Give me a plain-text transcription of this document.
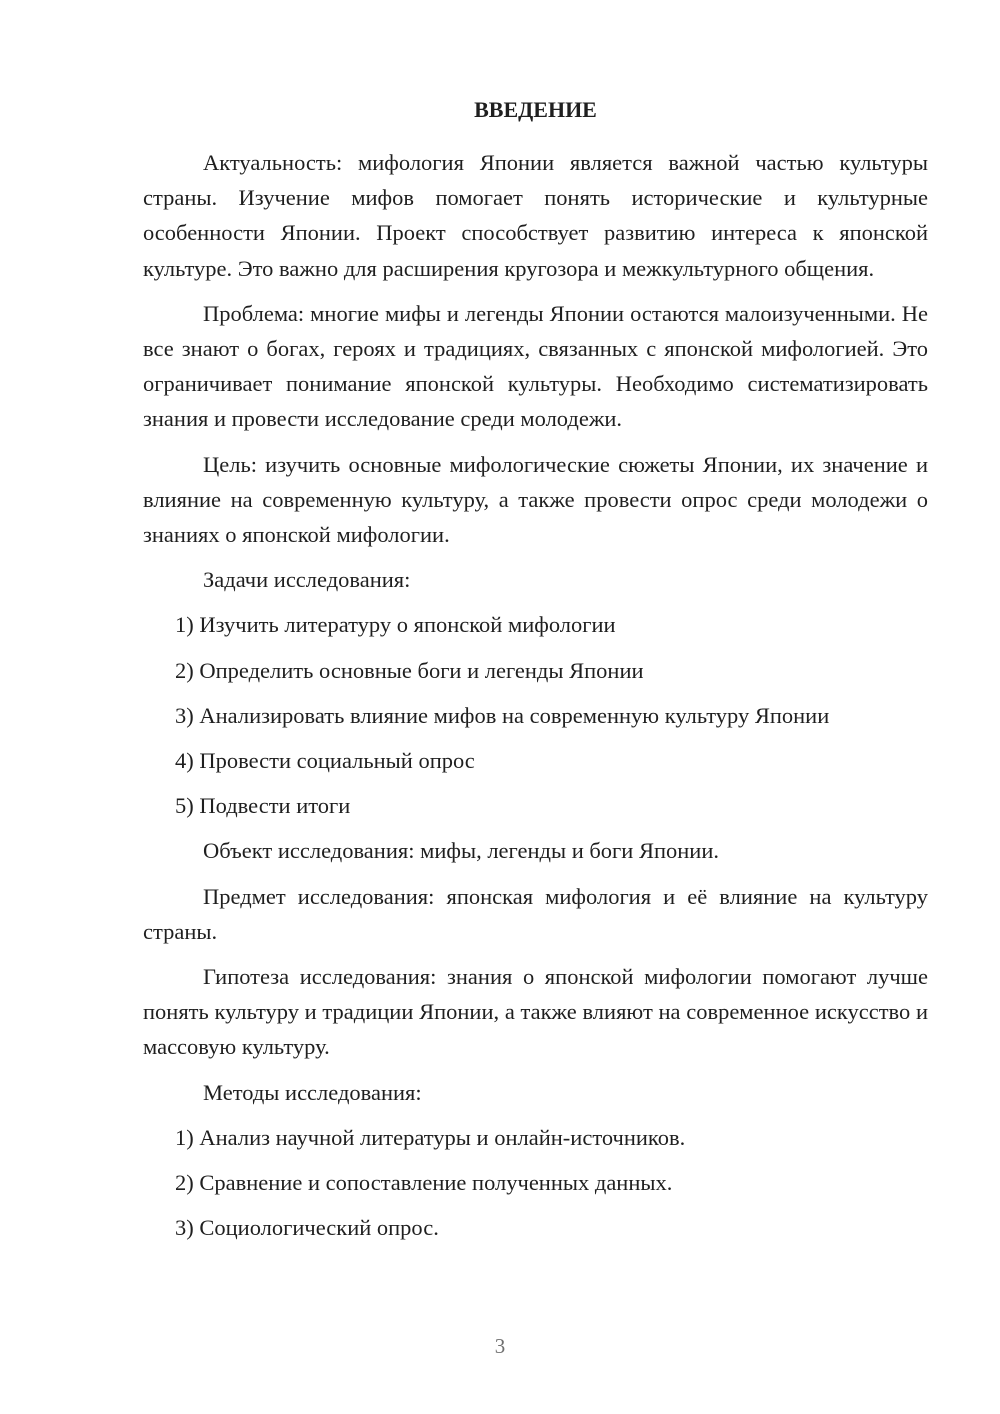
ВВЕДЕНИЕ

Актуальность: мифология Японии является важной частью культуры страны. Изучение мифов помогает понять исторические и культурные особенности Японии. Проект способствует развитию интереса к японской культуре. Это важно для расширения кругозора и межкультурного общения.

Проблема: многие мифы и легенды Японии остаются малоизученными. Не все знают о богах, героях и традициях, связанных с японской мифологией. Это ограничивает понимание японской культуры. Необходимо систематизировать знания и провести исследование среди молодежи.

Цель: изучить основные мифологические сюжеты Японии, их значение и влияние на современную культуру, а также провести опрос среди молодежи о знаниях о японской мифологии.

Задачи исследования:
1) Изучить литературу о японской мифологии
2) Определить основные боги и легенды Японии
3) Анализировать влияние мифов на современную культуру Японии
4) Провести социальный опрос
5) Подвести итоги

Объект исследования: мифы, легенды и боги Японии.

Предмет исследования: японская мифология и её влияние на культуру страны.

Гипотеза исследования: знания о японской мифологии помогают лучше понять культуру и традиции Японии, а также влияют на современное искусство и массовую культуру.

Методы исследования:
1) Анализ научной литературы и онлайн-источников.
2) Сравнение и сопоставление полученных данных.
3) Социологический опрос.
3
